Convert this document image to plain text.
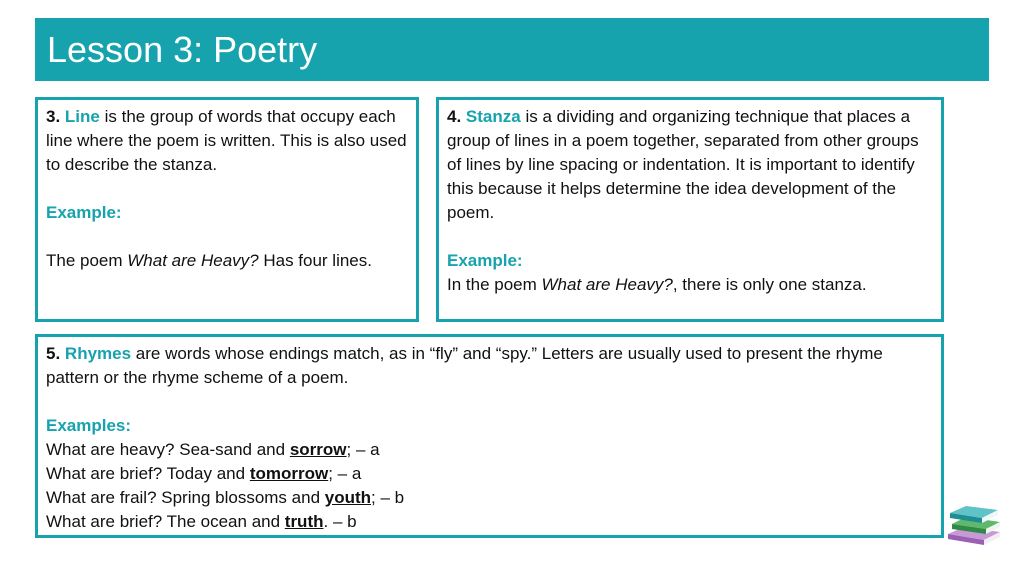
Lesson 3: Poetry

3. Line is the group of words that occupy each line where the poem is written. This is also used to describe the stanza.

Example:

The poem What are Heavy? Has four lines.

4. Stanza is a dividing and organizing technique that places a group of lines in a poem together, separated from other groups of lines by line spacing or indentation. It is important to identify this because it helps determine the idea development of the poem.

Example:

In the poem What are Heavy?, there is only one stanza.

5. Rhymes are words whose endings match, as in “fly” and “spy.” Letters are usually used to present the rhyme pattern or the rhyme scheme of a poem.

Examples:

What are heavy? Sea-sand and sorrow; – a

What are brief? Today and tomorrow; – a

What are frail? Spring blossoms and youth; – b

What are brief? The ocean and truth. – b
